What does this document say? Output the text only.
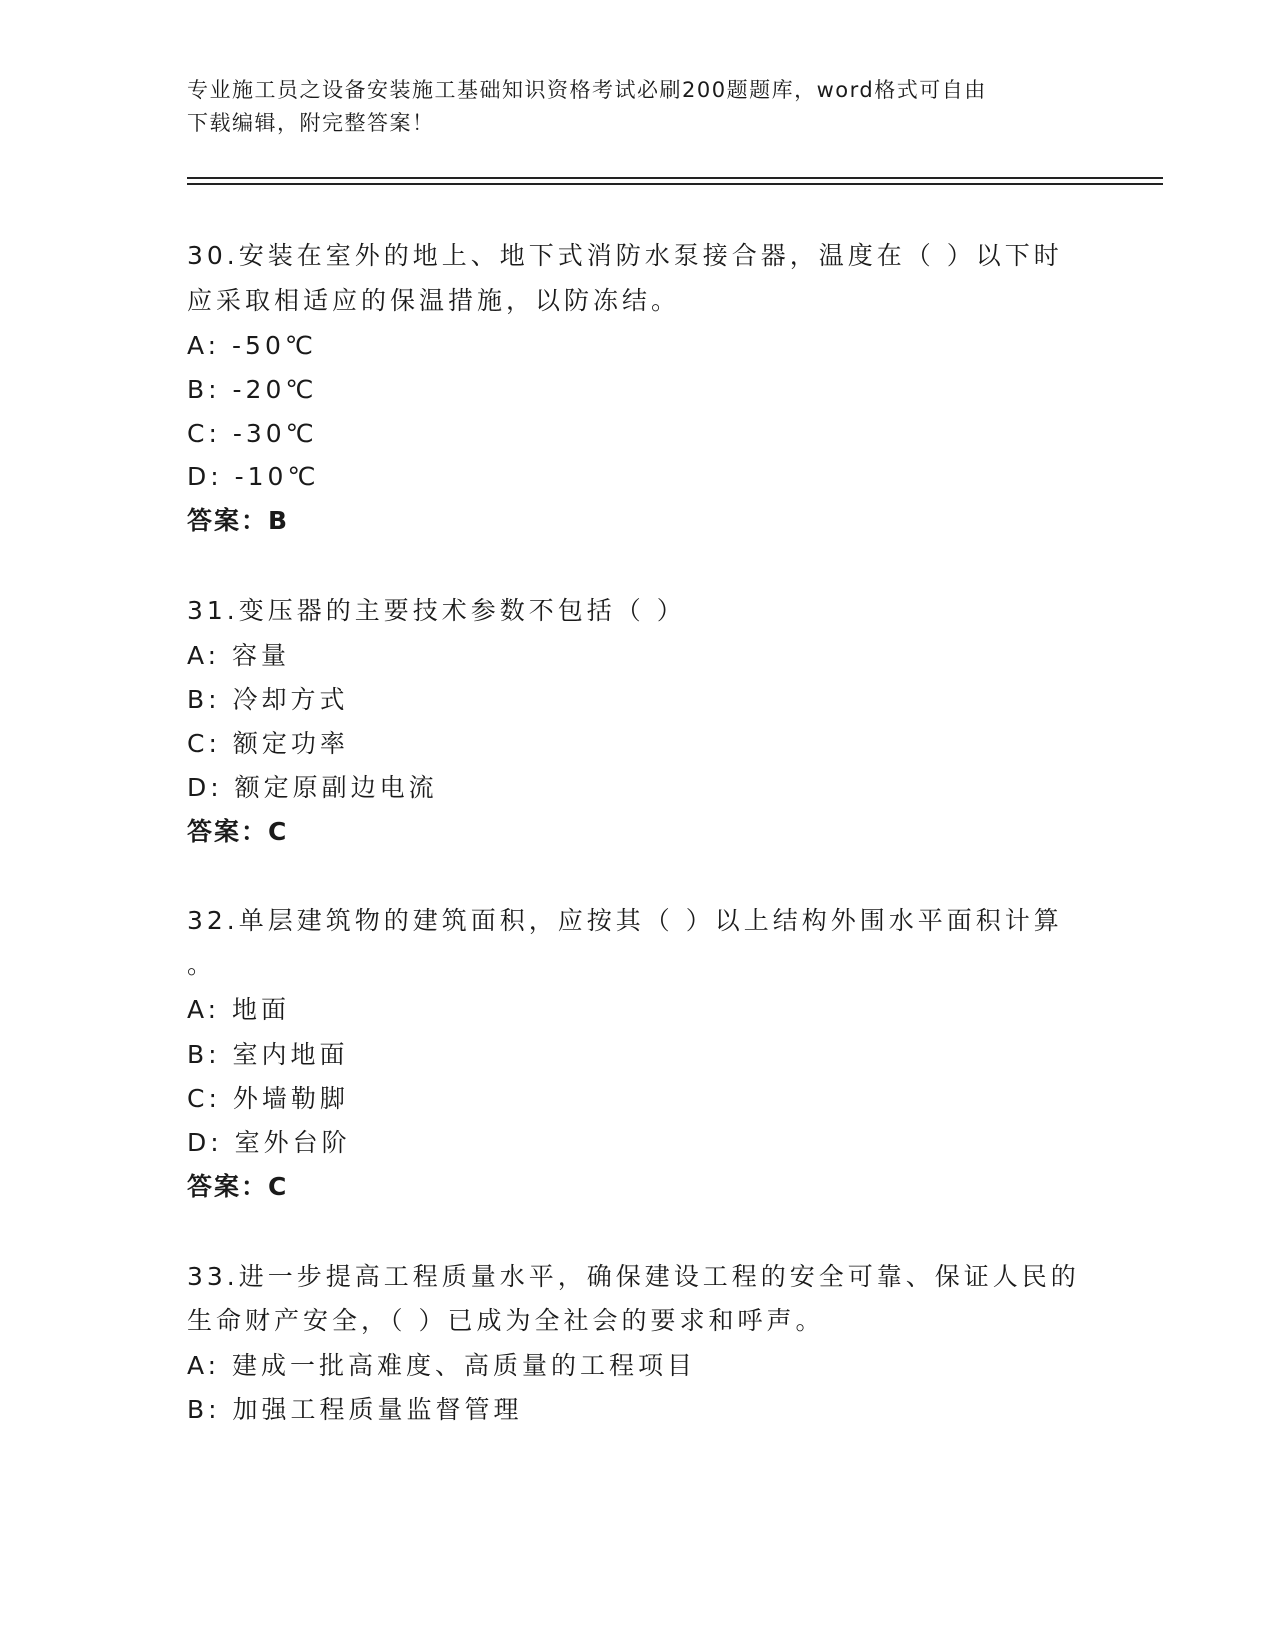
专业施工员之设备安装施工基础知识资格考试必刷200题题库，word格式可自由
下载编辑，附完整答案！
30.安装在室外的地上、地下式消防水泵接合器，温度在（ ）以下时
应采取相适应的保温措施，以防冻结。
A: -50℃
B: -20℃
C: -30℃
D: -10℃
答案：B
31.变压器的主要技术参数不包括（ ）
A: 容量
B: 冷却方式
C: 额定功率
D: 额定原副边电流
答案：C
32.单层建筑物的建筑面积，应按其（ ）以上结构外围水平面积计算
。
A: 地面
B: 室内地面
C: 外墙勒脚
D: 室外台阶
答案：C
33.进一步提高工程质量水平，确保建设工程的安全可靠、保证人民的
生命财产安全，（ ）已成为全社会的要求和呼声。
A: 建成一批高难度、高质量的工程项目
B: 加强工程质量监督管理
